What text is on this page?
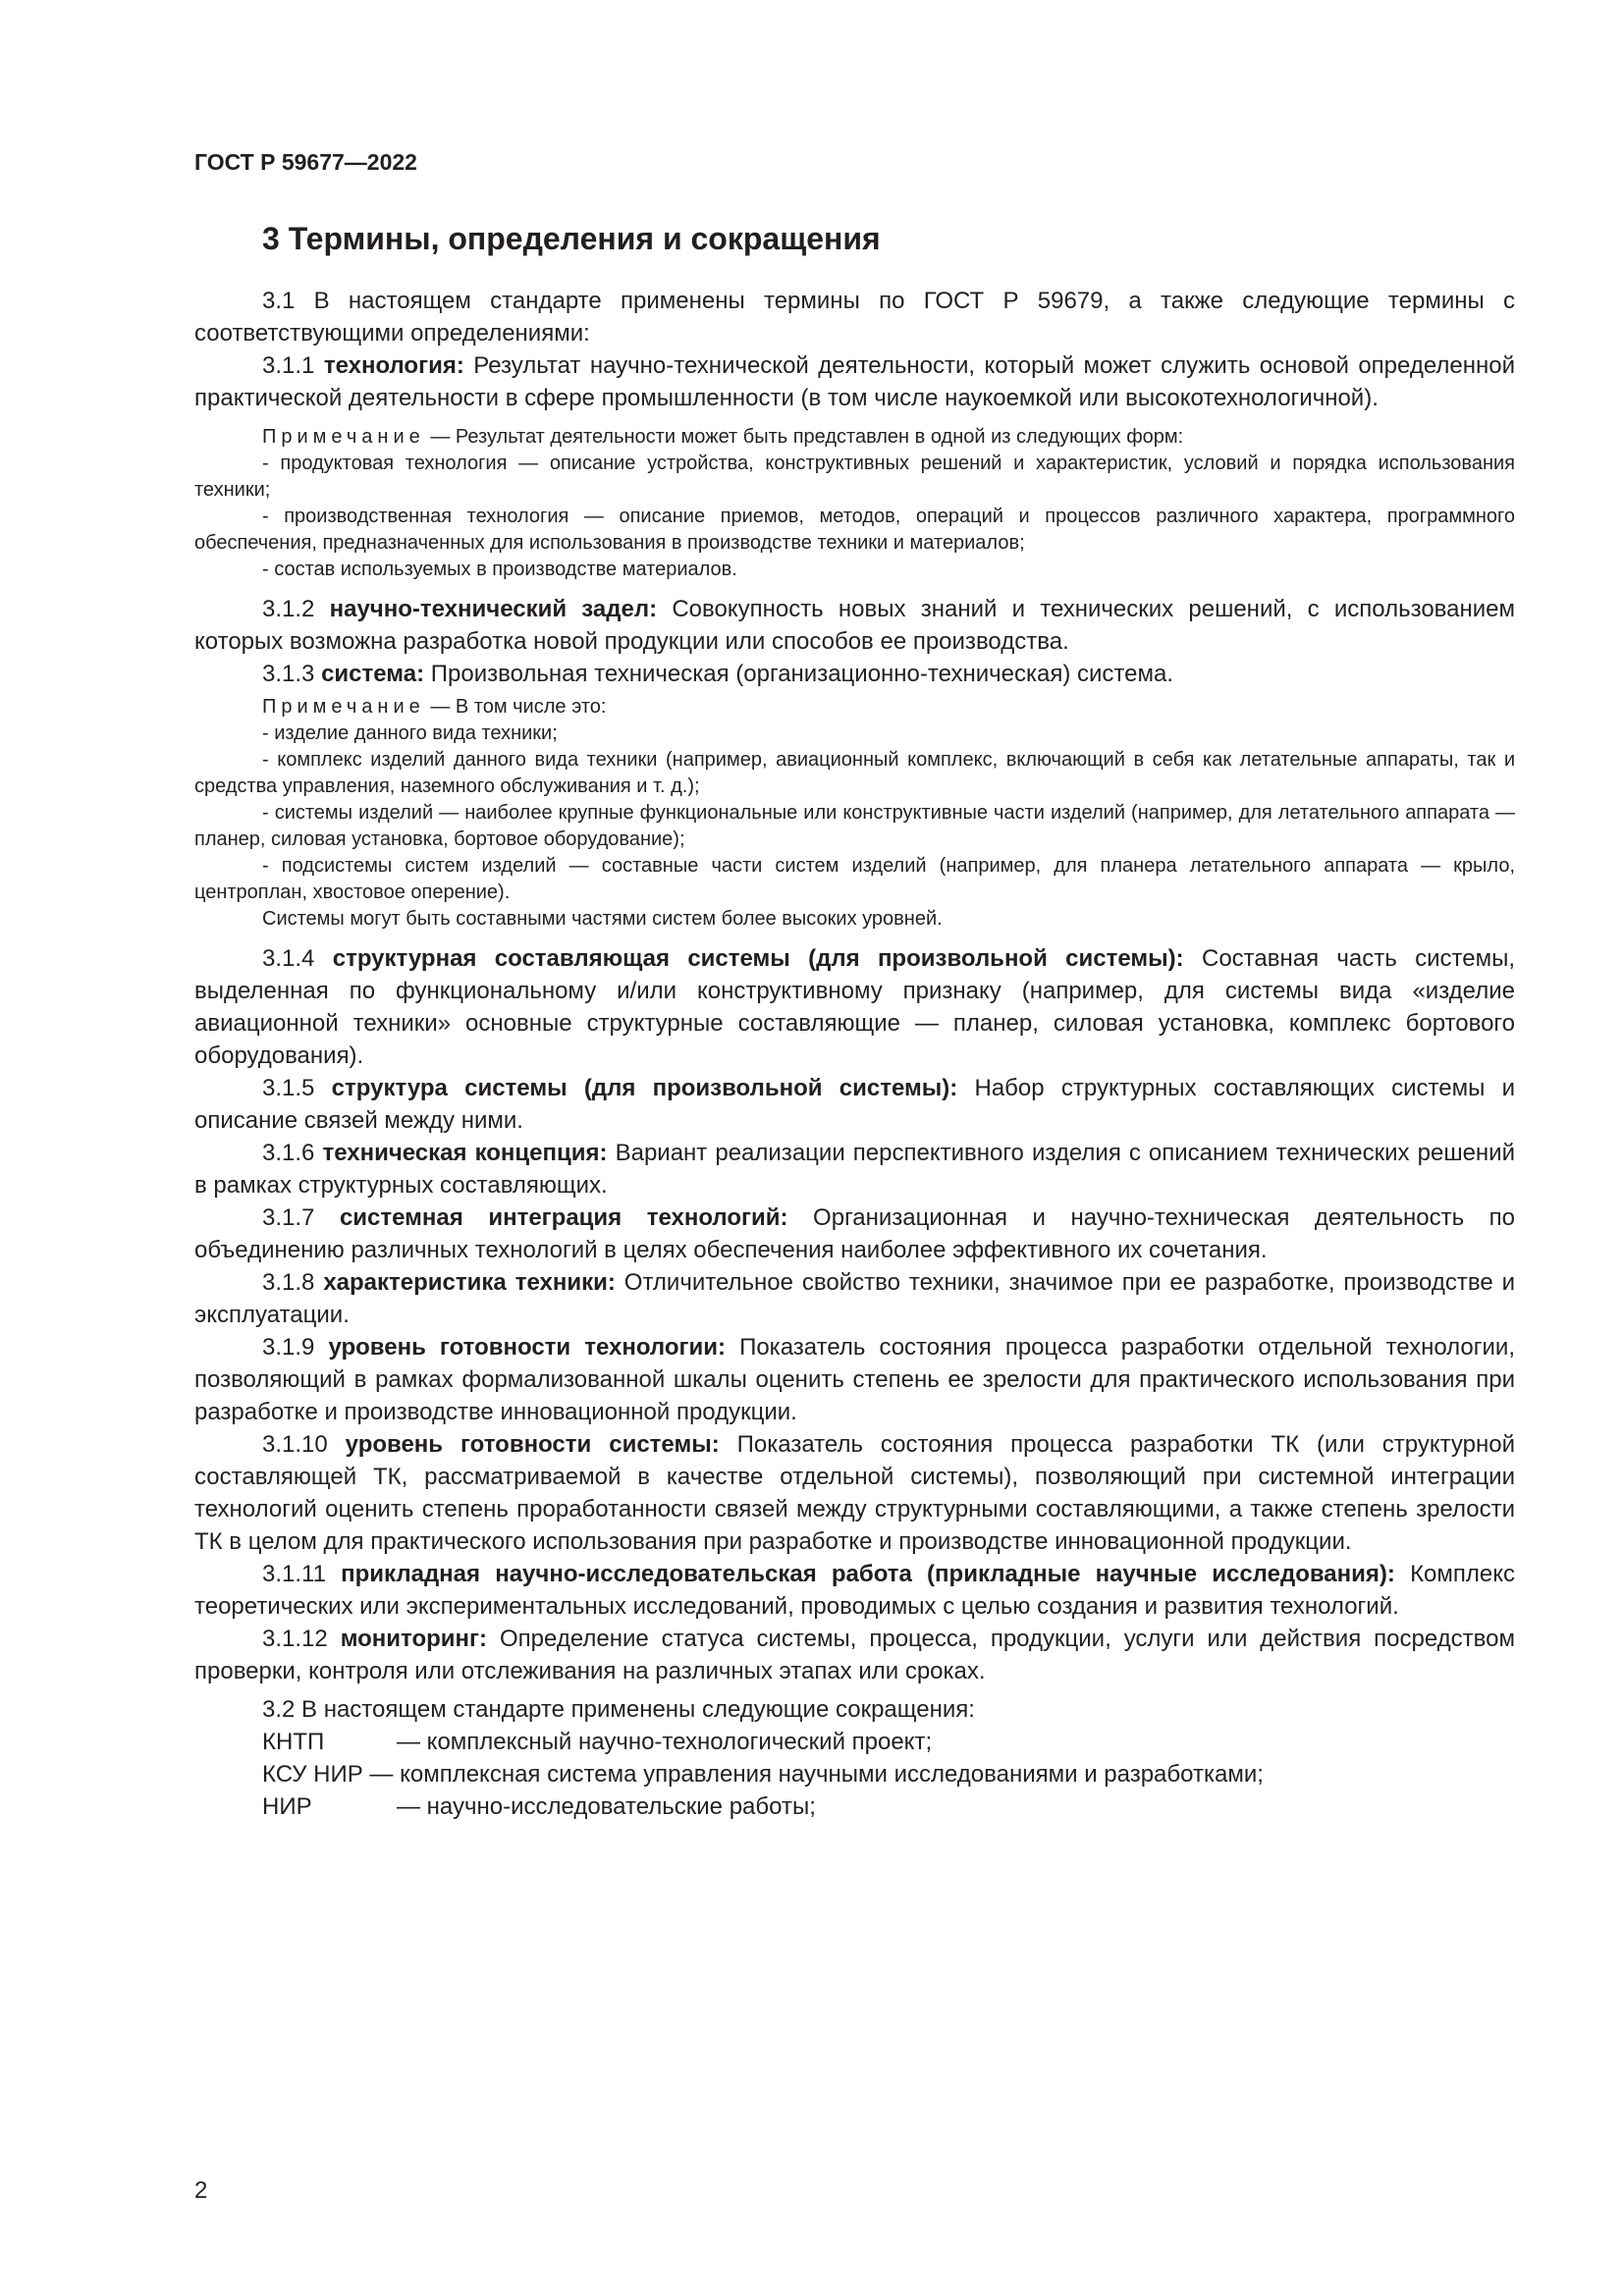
ГОСТ Р 59677—2022
3 Термины, определения и сокращения

3.1 В настоящем стандарте применены термины по ГОСТ Р 59679, а также следующие термины с соответствующими определениями:

3.1.1 технология: Результат научно-технической деятельности, который может служить основой определенной практической деятельности в сфере промышленности (в том числе наукоемкой или высокотехнологичной).

Примечание — Результат деятельности может быть представлен в одной из следующих форм:

- продуктовая технология — описание устройства, конструктивных решений и характеристик, условий и порядка использования техники;

- производственная технология — описание приемов, методов, операций и процессов различного характера, программного обеспечения, предназначенных для использования в производстве техники и материалов;

- состав используемых в производстве материалов.

3.1.2 научно-технический задел: Совокупность новых знаний и технических решений, с использованием которых возможна разработка новой продукции или способов ее производства.

3.1.3 система: Произвольная техническая (организационно-техническая) система.

Примечание — В том числе это:

- изделие данного вида техники;

- комплекс изделий данного вида техники (например, авиационный комплекс, включающий в себя как летательные аппараты, так и средства управления, наземного обслуживания и т. д.);

- системы изделий — наиболее крупные функциональные или конструктивные части изделий (например, для летательного аппарата — планер, силовая установка, бортовое оборудование);

- подсистемы систем изделий — составные части систем изделий (например, для планера летательного аппарата — крыло, центроплан, хвостовое оперение).

Системы могут быть составными частями систем более высоких уровней.

3.1.4 структурная составляющая системы (для произвольной системы): Составная часть системы, выделенная по функциональному и/или конструктивному признаку (например, для системы вида «изделие авиационной техники» основные структурные составляющие — планер, силовая установка, комплекс бортового оборудования).

3.1.5 структура системы (для произвольной системы): Набор структурных составляющих системы и описание связей между ними.

3.1.6 техническая концепция: Вариант реализации перспективного изделия с описанием технических решений в рамках структурных составляющих.

3.1.7 системная интеграция технологий: Организационная и научно-техническая деятельность по объединению различных технологий в целях обеспечения наиболее эффективного их сочетания.

3.1.8 характеристика техники: Отличительное свойство техники, значимое при ее разработке, производстве и эксплуатации.

3.1.9 уровень готовности технологии: Показатель состояния процесса разработки отдельной технологии, позволяющий в рамках формализованной шкалы оценить степень ее зрелости для практического использования при разработке и производстве инновационной продукции.

3.1.10 уровень готовности системы: Показатель состояния процесса разработки ТК (или структурной составляющей ТК, рассматриваемой в качестве отдельной системы), позволяющий при системной интеграции технологий оценить степень проработанности связей между структурными составляющими, а также степень зрелости ТК в целом для практического использования при разработке и производстве инновационной продукции.

3.1.11 прикладная научно-исследовательская работа (прикладные научные исследования): Комплекс теоретических или экспериментальных исследований, проводимых с целью создания и развития технологий.

3.1.12 мониторинг: Определение статуса системы, процесса, продукции, услуги или действия посредством проверки, контроля или отслеживания на различных этапах или сроках.

3.2 В настоящем стандарте применены следующие сокращения:

КНТП	— комплексный научно-технологический проект;
КСУ НИР — комплексная система управления научными исследованиями и разработками;
НИР	— научно-исследовательские работы;
2
